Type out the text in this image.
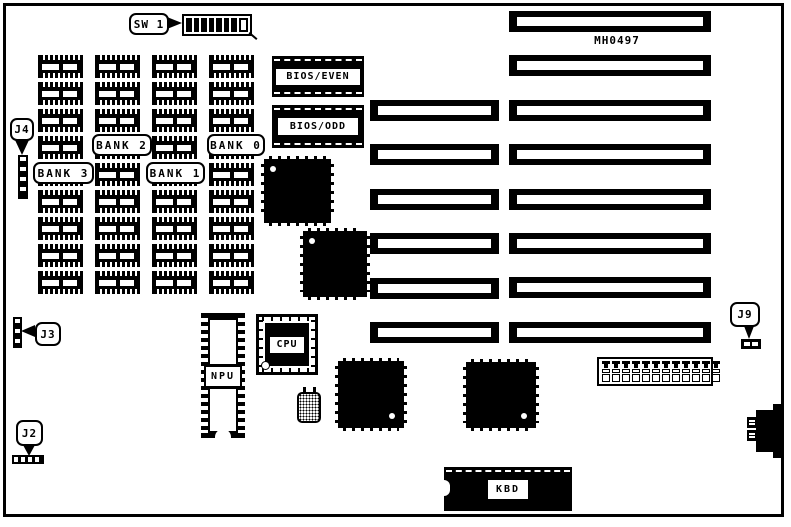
SW 1
BANK 2	BANK 0
BANK 3	BANK 1
J4
J3
J2
J9
BIOS/EVEN
BIOS/ODD
MH0497
CPU
NPU
KBD
